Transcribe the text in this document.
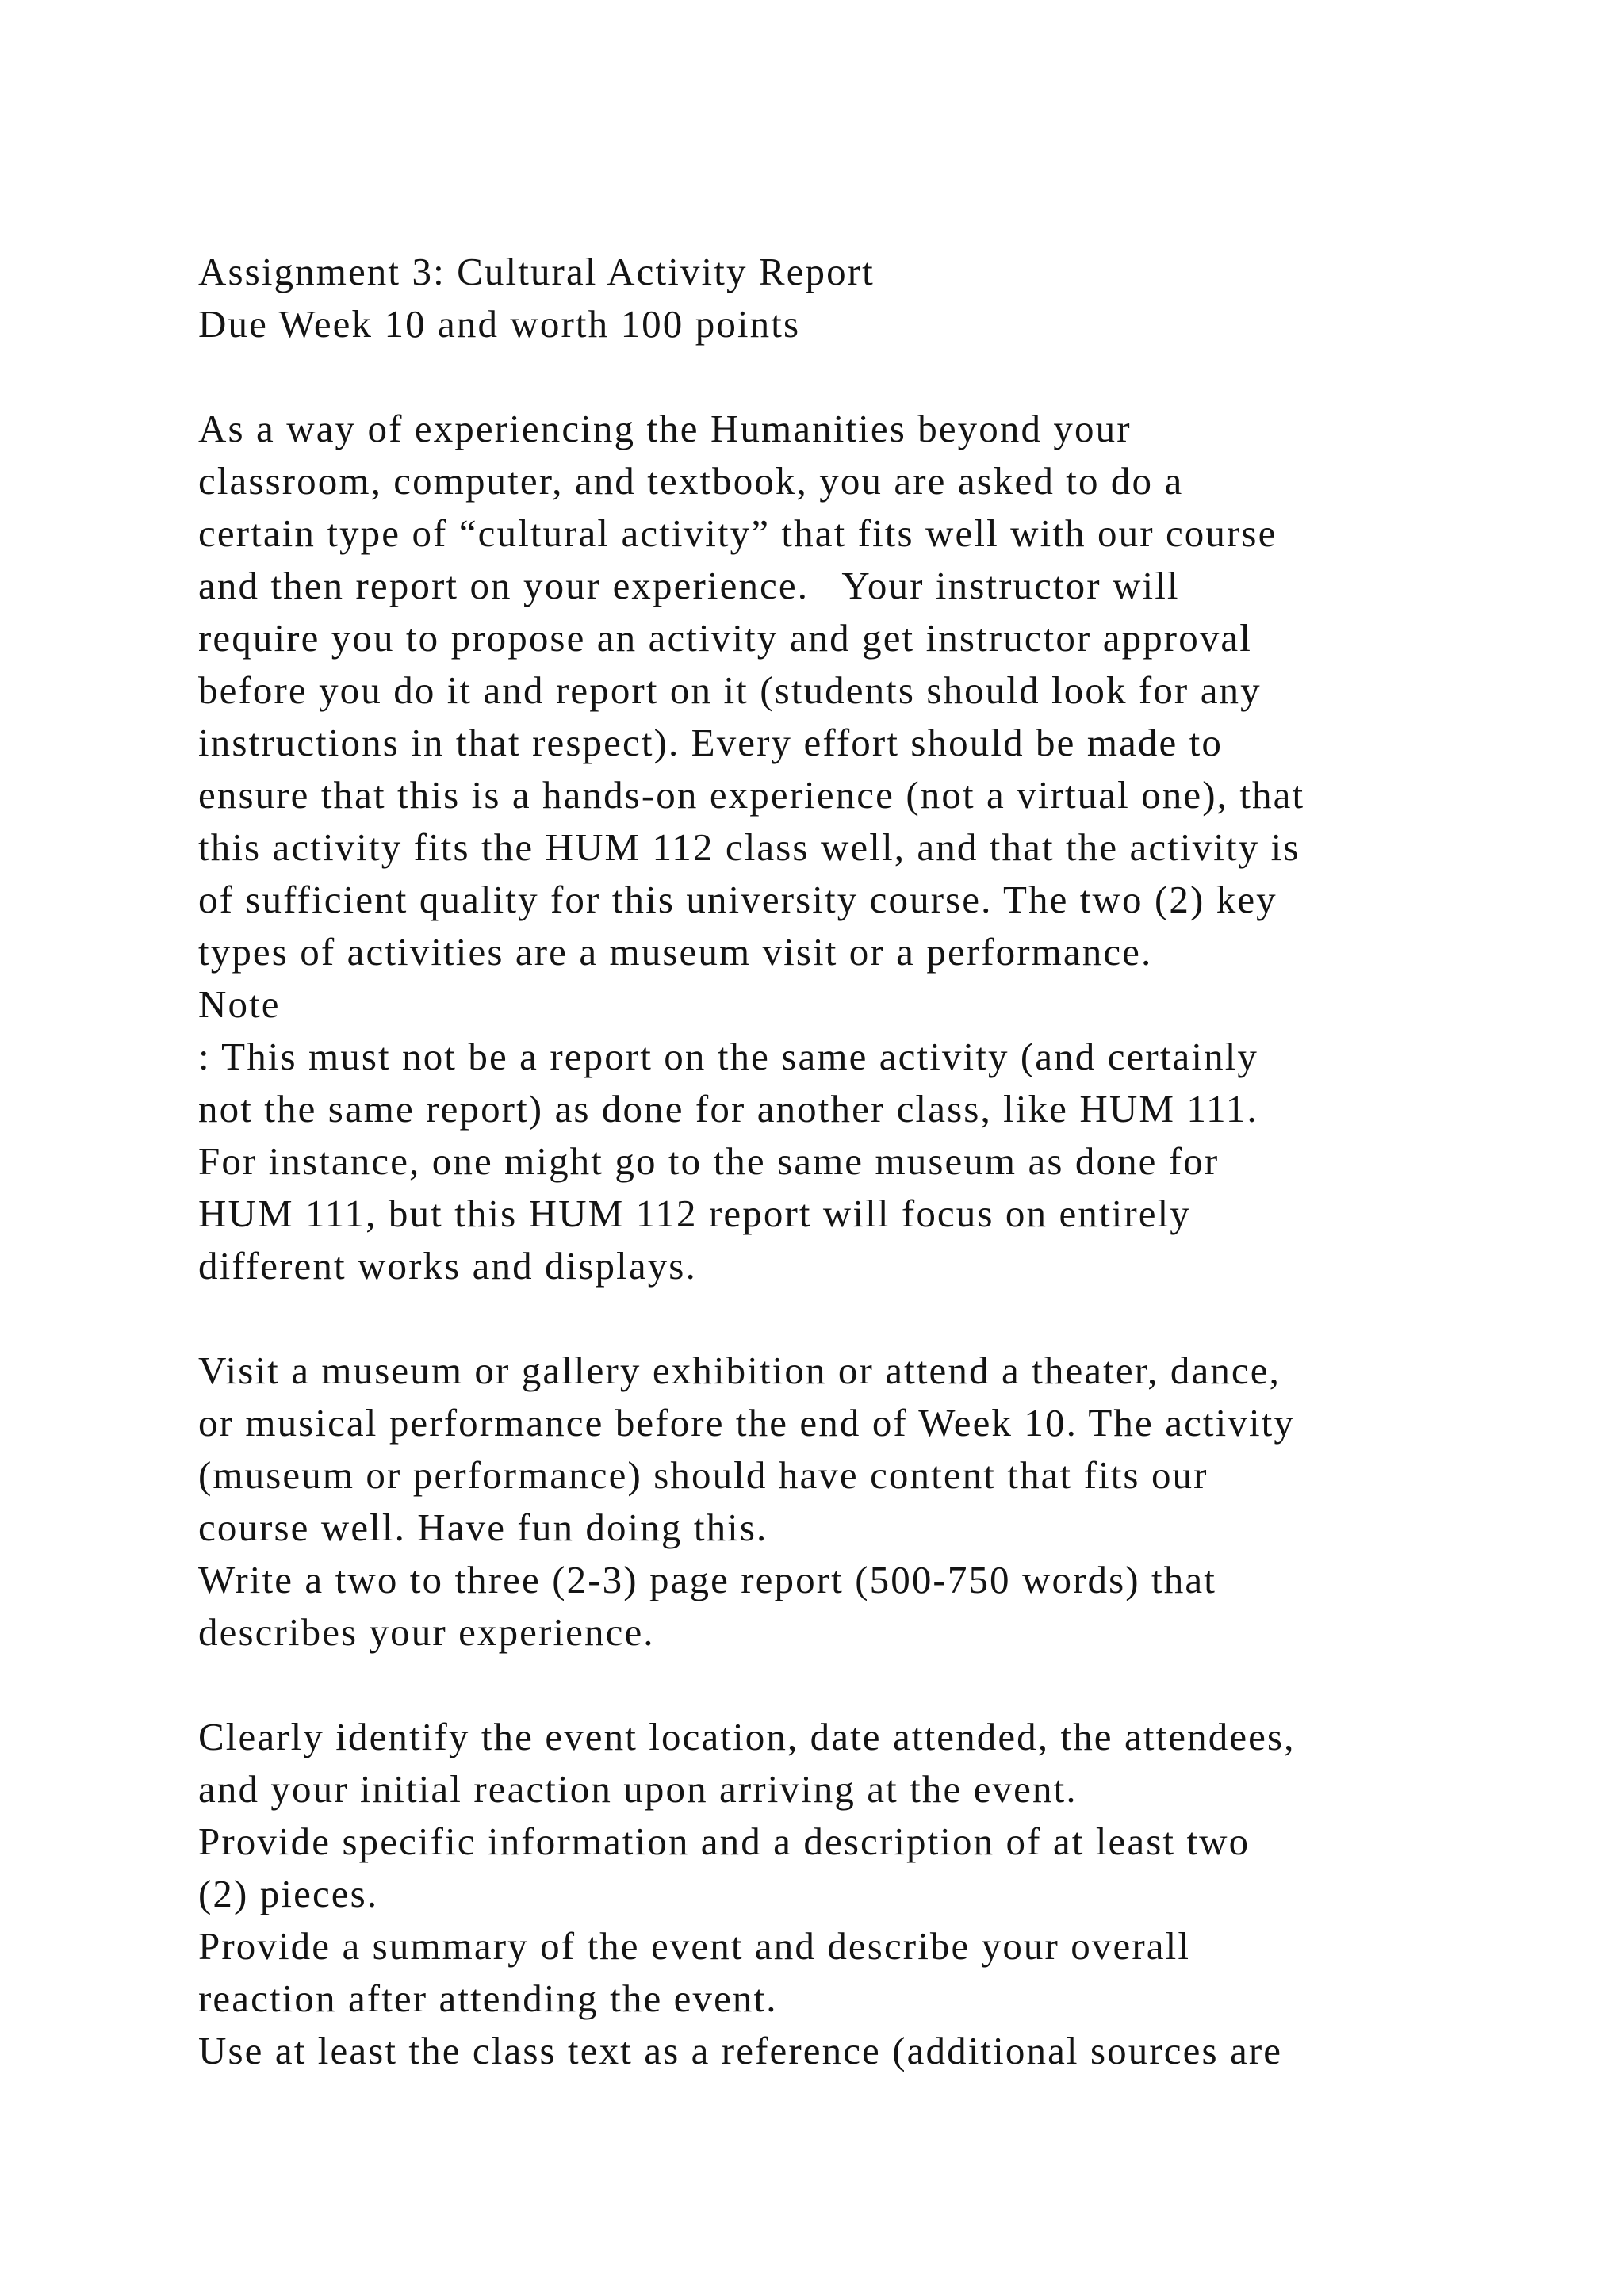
Assignment 3: Cultural Activity Report
Due Week 10 and worth 100 points
As a way of experiencing the Humanities beyond your
classroom, computer, and textbook, you are asked to do a
certain type of “cultural activity” that fits well with our course
and then report on your experience.   Your instructor will
require you to propose an activity and get instructor approval
before you do it and report on it (students should look for any
instructions in that respect). Every effort should be made to
ensure that this is a hands-on experience (not a virtual one), that
this activity fits the HUM 112 class well, and that the activity is
of sufficient quality for this university course. The two (2) key
types of activities are a museum visit or a performance.
Note
: This must not be a report on the same activity (and certainly
not the same report) as done for another class, like HUM 111.
For instance, one might go to the same museum as done for
HUM 111, but this HUM 112 report will focus on entirely
different works and displays.
Visit a museum or gallery exhibition or attend a theater, dance,
or musical performance before the end of Week 10. The activity
(museum or performance) should have content that fits our
course well. Have fun doing this.
Write a two to three (2-3) page report (500-750 words) that
describes your experience.
Clearly identify the event location, date attended, the attendees,
and your initial reaction upon arriving at the event.
Provide specific information and a description of at least two
(2) pieces.
Provide a summary of the event and describe your overall
reaction after attending the event.
Use at least the class text as a reference (additional sources are
